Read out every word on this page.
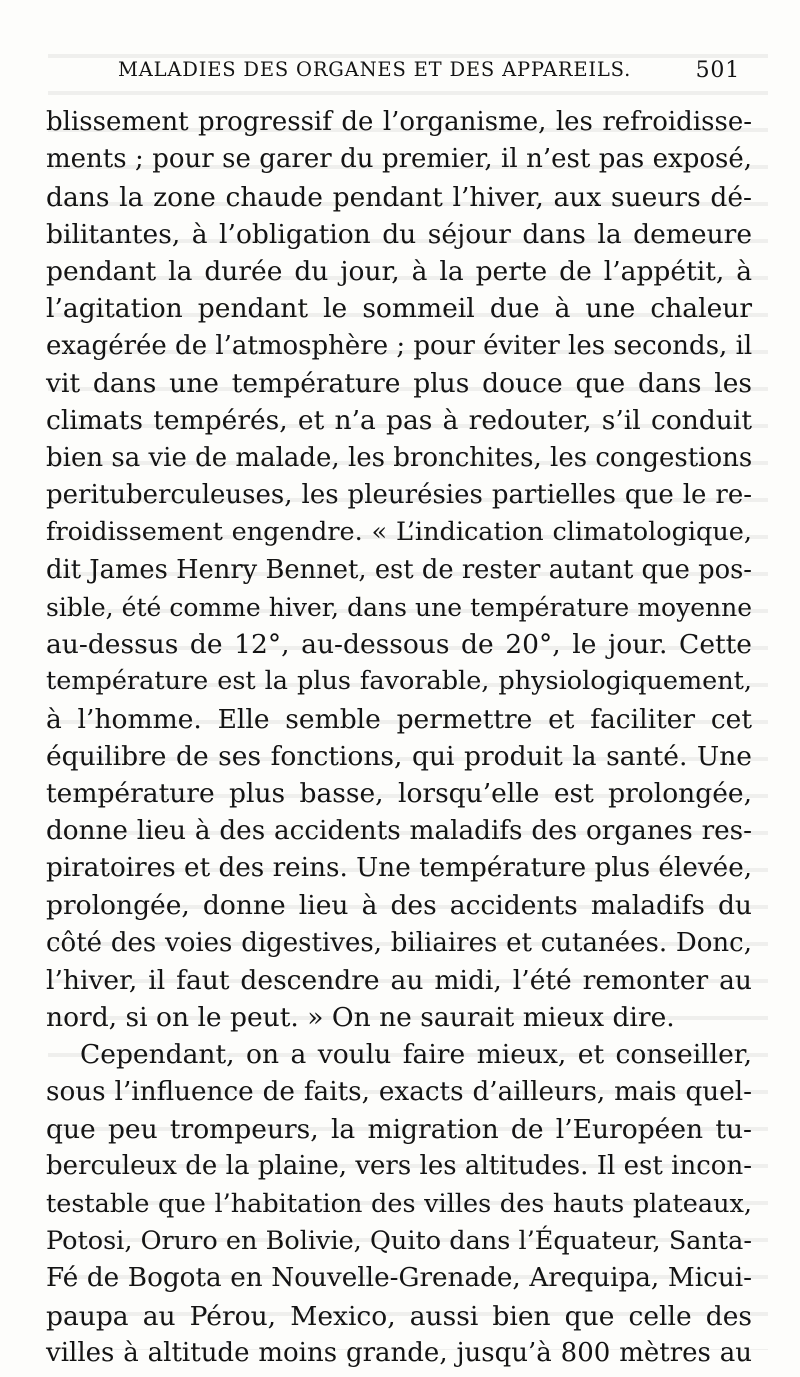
MALADIES DES ORGANES ET DES APPAREILS.	501
blissement progressif de l’organisme, les refroidisse-
ments ; pour se garer du premier, il n’est pas exposé,
dans la zone chaude pendant l’hiver, aux sueurs dé-
bilitantes, à l’obligation du séjour dans la demeure
pendant la durée du jour, à la perte de l’appétit, à
l’agitation pendant le sommeil due à une chaleur
exagérée de l’atmosphère ; pour éviter les seconds, il
vit dans une température plus douce que dans les
climats tempérés, et n’a pas à redouter, s’il conduit
bien sa vie de malade, les bronchites, les congestions
perituberculeuses, les pleurésies partielles que le re-
froidissement engendre. « L’indication climatologique,
dit James Henry Bennet, est de rester autant que pos-
sible, été comme hiver, dans une température moyenne
au-dessus de 12°, au-dessous de 20°, le jour. Cette
température est la plus favorable, physiologiquement,
à l’homme. Elle semble permettre et faciliter cet
équilibre de ses fonctions, qui produit la santé. Une
température plus basse, lorsqu’elle est prolongée,
donne lieu à des accidents maladifs des organes res-
piratoires et des reins. Une température plus élevée,
prolongée, donne lieu à des accidents maladifs du
côté des voies digestives, biliaires et cutanées. Donc,
l’hiver, il faut descendre au midi, l’été remonter au
nord, si on le peut. » On ne saurait mieux dire.
Cependant, on a voulu faire mieux, et conseiller,
sous l’influence de faits, exacts d’ailleurs, mais quel-
que peu trompeurs, la migration de l’Européen tu-
berculeux de la plaine, vers les altitudes. Il est incon-
testable que l’habitation des villes des hauts plateaux,
Potosi, Oruro en Bolivie, Quito dans l’Équateur, Santa-
Fé de Bogota en Nouvelle-Grenade, Arequipa, Micui-
paupa au Pérou, Mexico, aussi bien que celle des
villes à altitude moins grande, jusqu’à 800 mètres au
